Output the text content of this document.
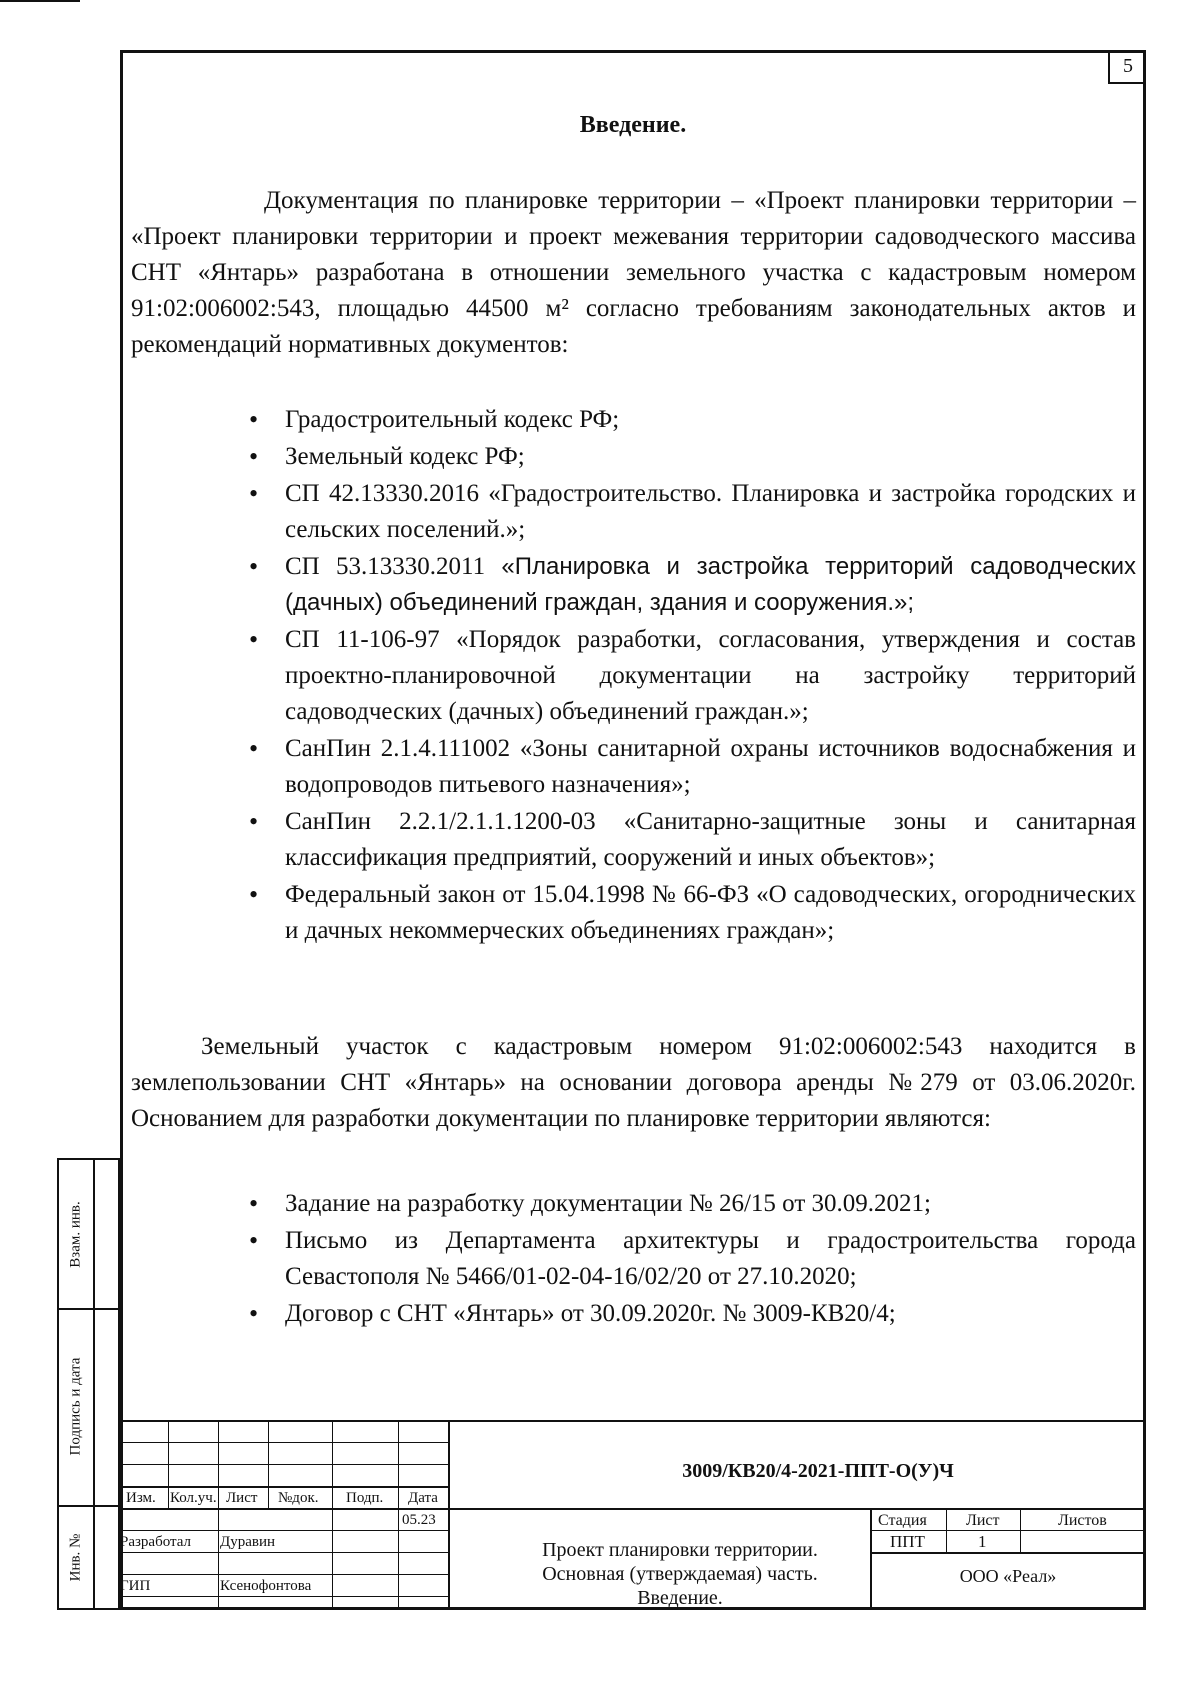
5
Введение.
Документация по планировке территории – «Проект планировки территории – «Проект планировки территории и проект межевания территории садоводческого массива СНТ «Янтарь» разработана в отношении земельного участка с кадастровым номером 91:02:006002:543, площадью 44500 м² согласно требованиям законодательных актов и рекомендаций нормативных документов:
• Градостроительный кодекс РФ;
• Земельный кодекс РФ;
• СП 42.13330.2016 «Градостроительство. Планировка и застройка городских и сельских поселений.»;
• СП 53.13330.2011 «Планировка и застройка территорий садоводческих (дачных) объединений граждан, здания и сооружения.»;
• СП 11-106-97 «Порядок разработки, согласования, утверждения и состав проектно-планировочной документации на застройку территорий садоводческих (дачных) объединений граждан.»;
• СанПин 2.1.4.111002 «Зоны санитарной охраны источников водоснабжения и водопроводов питьевого назначения»;
• СанПин 2.2.1/2.1.1.1200-03 «Санитарно-защитные зоны и санитарная классификация предприятий, сооружений и иных объектов»;
• Федеральный закон от 15.04.1998 № 66-ФЗ «О садоводческих, огороднических и дачных некоммерческих объединениях граждан»;
Земельный участок с кадастровым номером 91:02:006002:543 находится в землепользовании СНТ «Янтарь» на основании договора аренды №279 от 03.06.2020г. Основанием для разработки документации по планировке территории являются:
• Задание на разработку документации № 26/15 от 30.09.2021;
• Письмо из Департамента архитектуры и градостроительства города Севастополя № 5466/01-02-04-16/02/20 от 27.10.2020;
• Договор с СНТ «Янтарь» от 30.09.2020г. № 3009-КВ20/4;
Взам. инв.
Подпись и дата
Инв. №
Изм. Кол.уч. Лист №док. Подп. Дата
05.23
Разработал Дуравин
ГИП	Ксенофонтова
3009/КВ20/4-2021-ППТ-О(У)Ч
Проект планировки территории.
Основная (утверждаемая) часть.
Введение.
Стадия Лист	Листов
ППТ	1
ООО «Реал»
